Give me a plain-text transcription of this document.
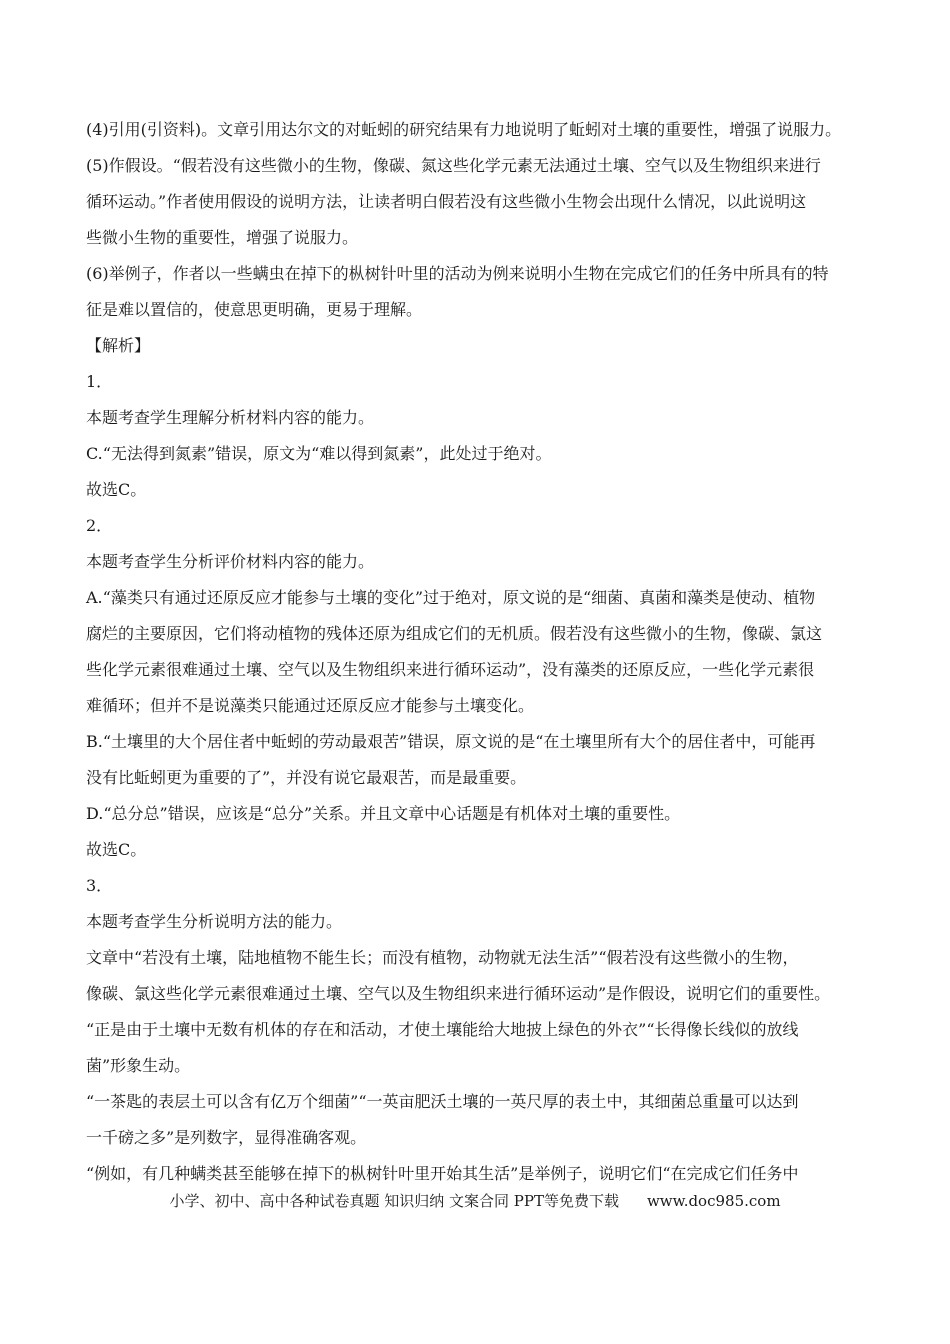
(4)引用(引资料)。文章引用达尔文的对蚯蚓的研究结果有力地说明了蚯蚓对土壤的重要性，增强了说服力。
(5)作假设。“假若没有这些微小的生物，像碳、氮这些化学元素无法通过土壤、空气以及生物组织来进行
循环运动。”作者使用假设的说明方法，让读者明白假若没有这些微小生物会出现什么情况，以此说明这
些微小生物的重要性，增强了说服力。
(6)举例子，作者以一些螨虫在掉下的枞树针叶里的活动为例来说明小生物在完成它们的任务中所具有的特
征是难以置信的，使意思更明确，更易于理解。
【解析】
1．
本题考查学生理解分析材料内容的能力。
C.“无法得到氮素”错误，原文为“难以得到氮素”，此处过于绝对。
故选C。
2．
本题考查学生分析评价材料内容的能力。
A.“藻类只有通过还原反应才能参与土壤的变化”过于绝对，原文说的是“细菌、真菌和藻类是使动、植物
腐烂的主要原因，它们将动植物的残体还原为组成它们的无机质。假若没有这些微小的生物，像碳、氯这
些化学元素很难通过土壤、空气以及生物组织来进行循环运动”，没有藻类的还原反应，一些化学元素很
难循环；但并不是说藻类只能通过还原反应才能参与土壤变化。
B.“土壤里的大个居住者中蚯蚓的劳动最艰苦”错误，原文说的是“在土壤里所有大个的居住者中，可能再
没有比蚯蚓更为重要的了”，并没有说它最艰苦，而是最重要。
D.“总分总”错误，应该是“总分”关系。并且文章中心话题是有机体对土壤的重要性。
故选C。
3．
本题考查学生分析说明方法的能力。
文章中“若没有土壤，陆地植物不能生长；而没有植物，动物就无法生活”“假若没有这些微小的生物，
像碳、氯这些化学元素很难通过土壤、空气以及生物组织来进行循环运动”是作假设，说明它们的重要性。
“正是由于土壤中无数有机体的存在和活动，才使土壤能给大地披上绿色的外衣”“长得像长线似的放线
菌”形象生动。
“一茶匙的表层土可以含有亿万个细菌”“一英亩肥沃土壤的一英尺厚的表土中，其细菌总重量可以达到
一千磅之多”是列数字，显得准确客观。
“例如，有几种螨类甚至能够在掉下的枞树针叶里开始其生活”是举例子，说明它们“在完成它们任务中
小学、初中、高中各种试卷真题 知识归纳 文案合同 PPT等免费下载 www.doc985.com
